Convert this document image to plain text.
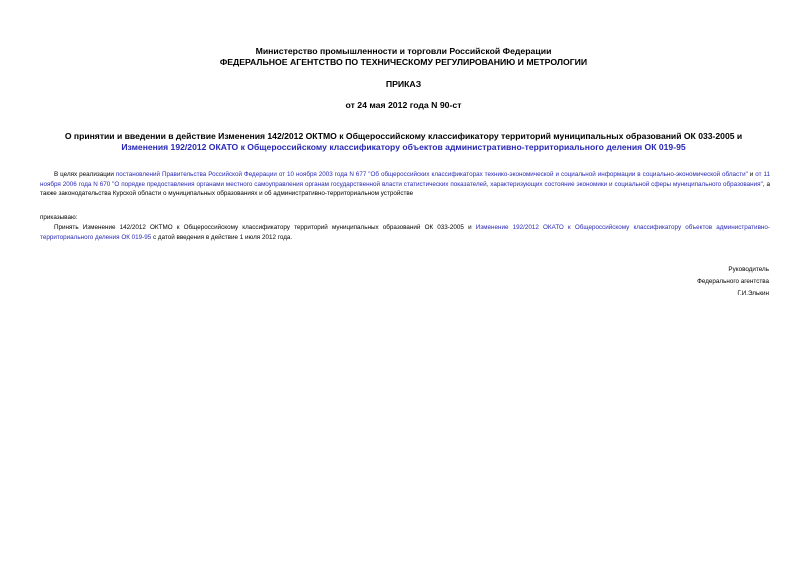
Министерство промышленности и торговли Российской Федерации
ФЕДЕРАЛЬНОЕ АГЕНТСТВО ПО ТЕХНИЧЕСКОМУ РЕГУЛИРОВАНИЮ И МЕТРОЛОГИИ
ПРИКАЗ
от 24 мая 2012 года N 90-ст
О принятии и введении в действие Изменения 142/2012 ОКТМО к Общероссийскому классификатору территорий муниципальных образований ОК 033-2005 и
Изменения 192/2012 ОКАТО к Общероссийскому классификатору объектов административно-территориального деления ОК 019-95
В целях реализации постановлений Правительства Российской Федерации от 10 ноября 2003 года N 677 "Об общероссийских классификаторах технико-экономической и социальной информации в социально-экономической области" и от 11 ноября 2006 года N 670 "О порядке предоставления органами местного самоуправления органам государственной власти статистических показателей, характеризующих состояние экономики и социальной сферы муниципального образования", а также законодательства Курской области о муниципальных образованиях и об административно-территориальном устройстве
приказываю:
Принять Изменение 142/2012 ОКТМО к Общероссийскому классификатору территорий муниципальных образований ОК 033-2005 и Изменение 192/2012 ОКАТО к Общероссийскому классификатору объектов административно-территориального деления ОК 019-95 с датой введения в действие 1 июля 2012 года.
Руководитель
Федерального агентства
Г.И.Элькин
